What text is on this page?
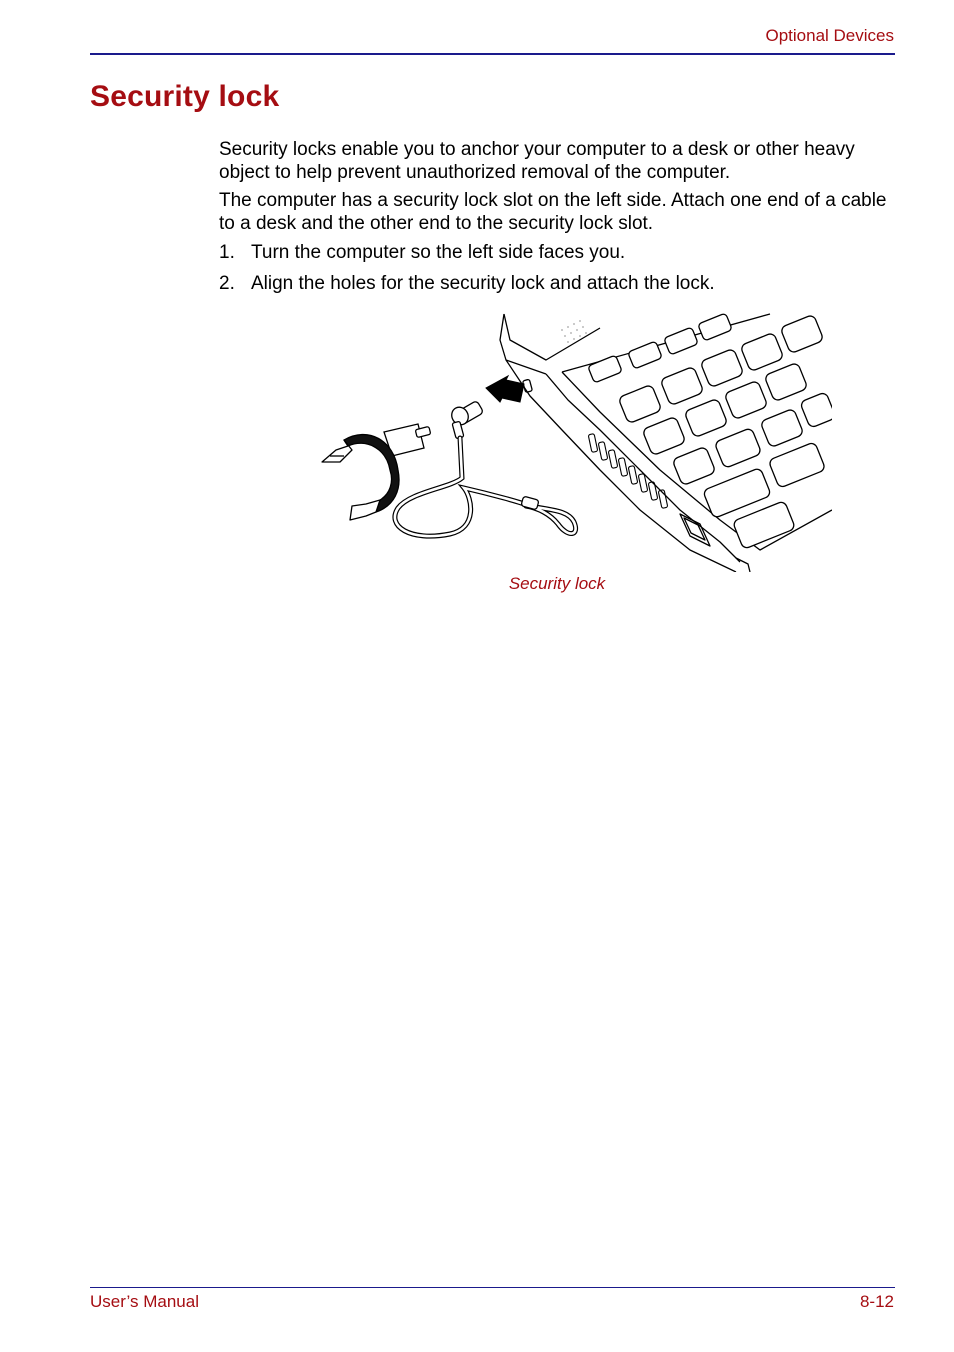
Optional Devices
Security lock

Security locks enable you to anchor your computer to a desk or other heavy object to help prevent unauthorized removal of the computer.

The computer has a security lock slot on the left side. Attach one end of a cable to a desk and the other end to the security lock slot.

1. Turn the computer so the left side faces you.
2. Align the holes for the security lock and attach the lock.
Security lock
User’s Manual	8-12
